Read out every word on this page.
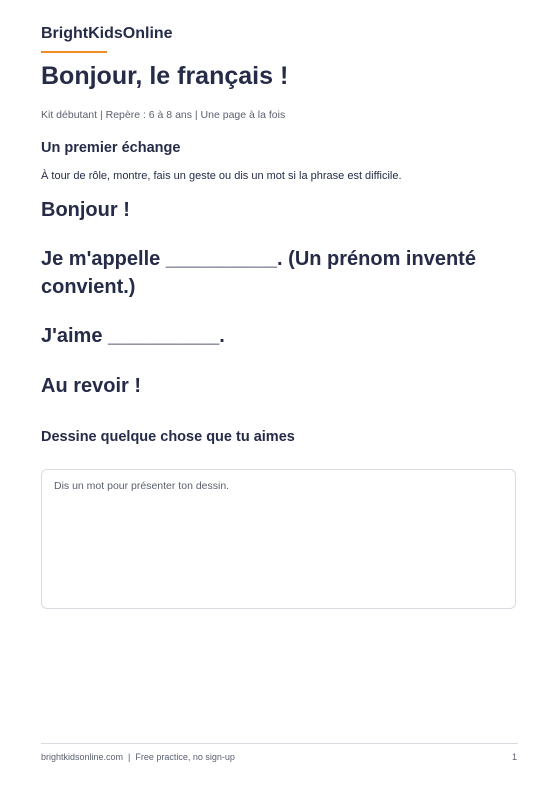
BrightKidsOnline
Bonjour, le français !
Kit débutant | Repère : 6 à 8 ans | Une page à la fois
Un premier échange
À tour de rôle, montre, fais un geste ou dis un mot si la phrase est difficile.
Bonjour !
Je m'appelle __________. (Un prénom inventé convient.)
J'aime __________.
Au revoir !
Dessine quelque chose que tu aimes
Dis un mot pour présenter ton dessin.
brightkidsonline.com  |  Free practice, no sign-up	1
